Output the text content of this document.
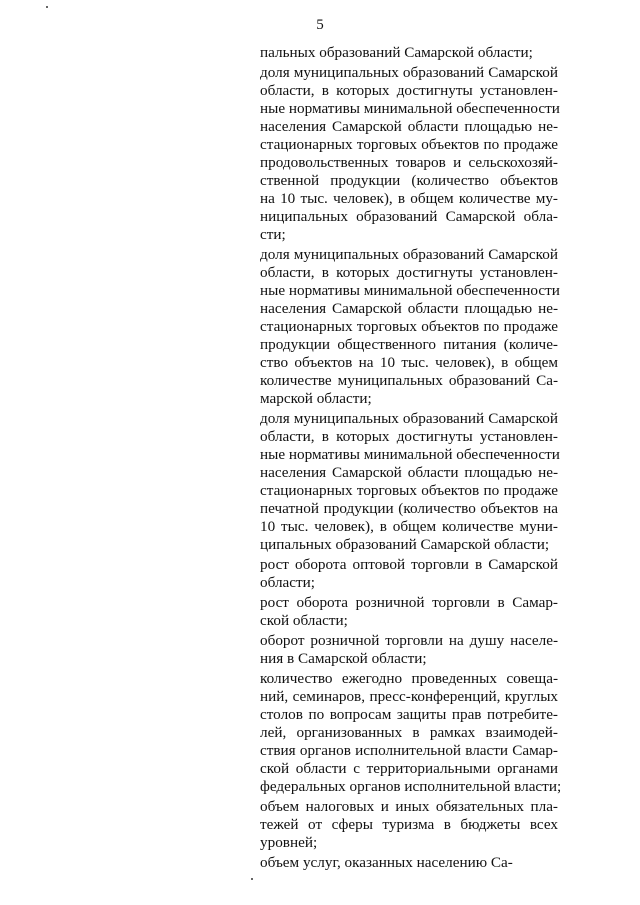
5
пальных образований Самарской области;
доля муниципальных образований Самарской
области, в которых достигнуты установлен-
ные нормативы минимальной обеспеченности
населения Самарской области площадью не-
стационарных торговых объектов по продаже
продовольственных товаров и сельскохозяй-
ственной продукции (количество объектов
на 10 тыс. человек), в общем количестве му-
ниципальных образований Самарской обла-
сти;
доля муниципальных образований Самарской
области, в которых достигнуты установлен-
ные нормативы минимальной обеспеченности
населения Самарской области площадью не-
стационарных торговых объектов по продаже
продукции общественного питания (количе-
ство объектов на 10 тыс. человек), в общем
количестве муниципальных образований Са-
марской области;
доля муниципальных образований Самарской
области, в которых достигнуты установлен-
ные нормативы минимальной обеспеченности
населения Самарской области площадью не-
стационарных торговых объектов по продаже
печатной продукции (количество объектов на
10 тыс. человек), в общем количестве муни-
ципальных образований Самарской области;
рост оборота оптовой торговли в Самарской
области;
рост оборота розничной торговли в Самар-
ской области;
оборот розничной торговли на душу населе-
ния в Самарской области;
количество ежегодно проведенных совеща-
ний, семинаров, пресс-конференций, круглых
столов по вопросам защиты прав потребите-
лей, организованных в рамках взаимодей-
ствия органов исполнительной власти Самар-
ской области с территориальными органами
федеральных органов исполнительной власти;
объем налоговых и иных обязательных пла-
тежей от сферы туризма в бюджеты всех
уровней;
объем услуг, оказанных населению Са-
